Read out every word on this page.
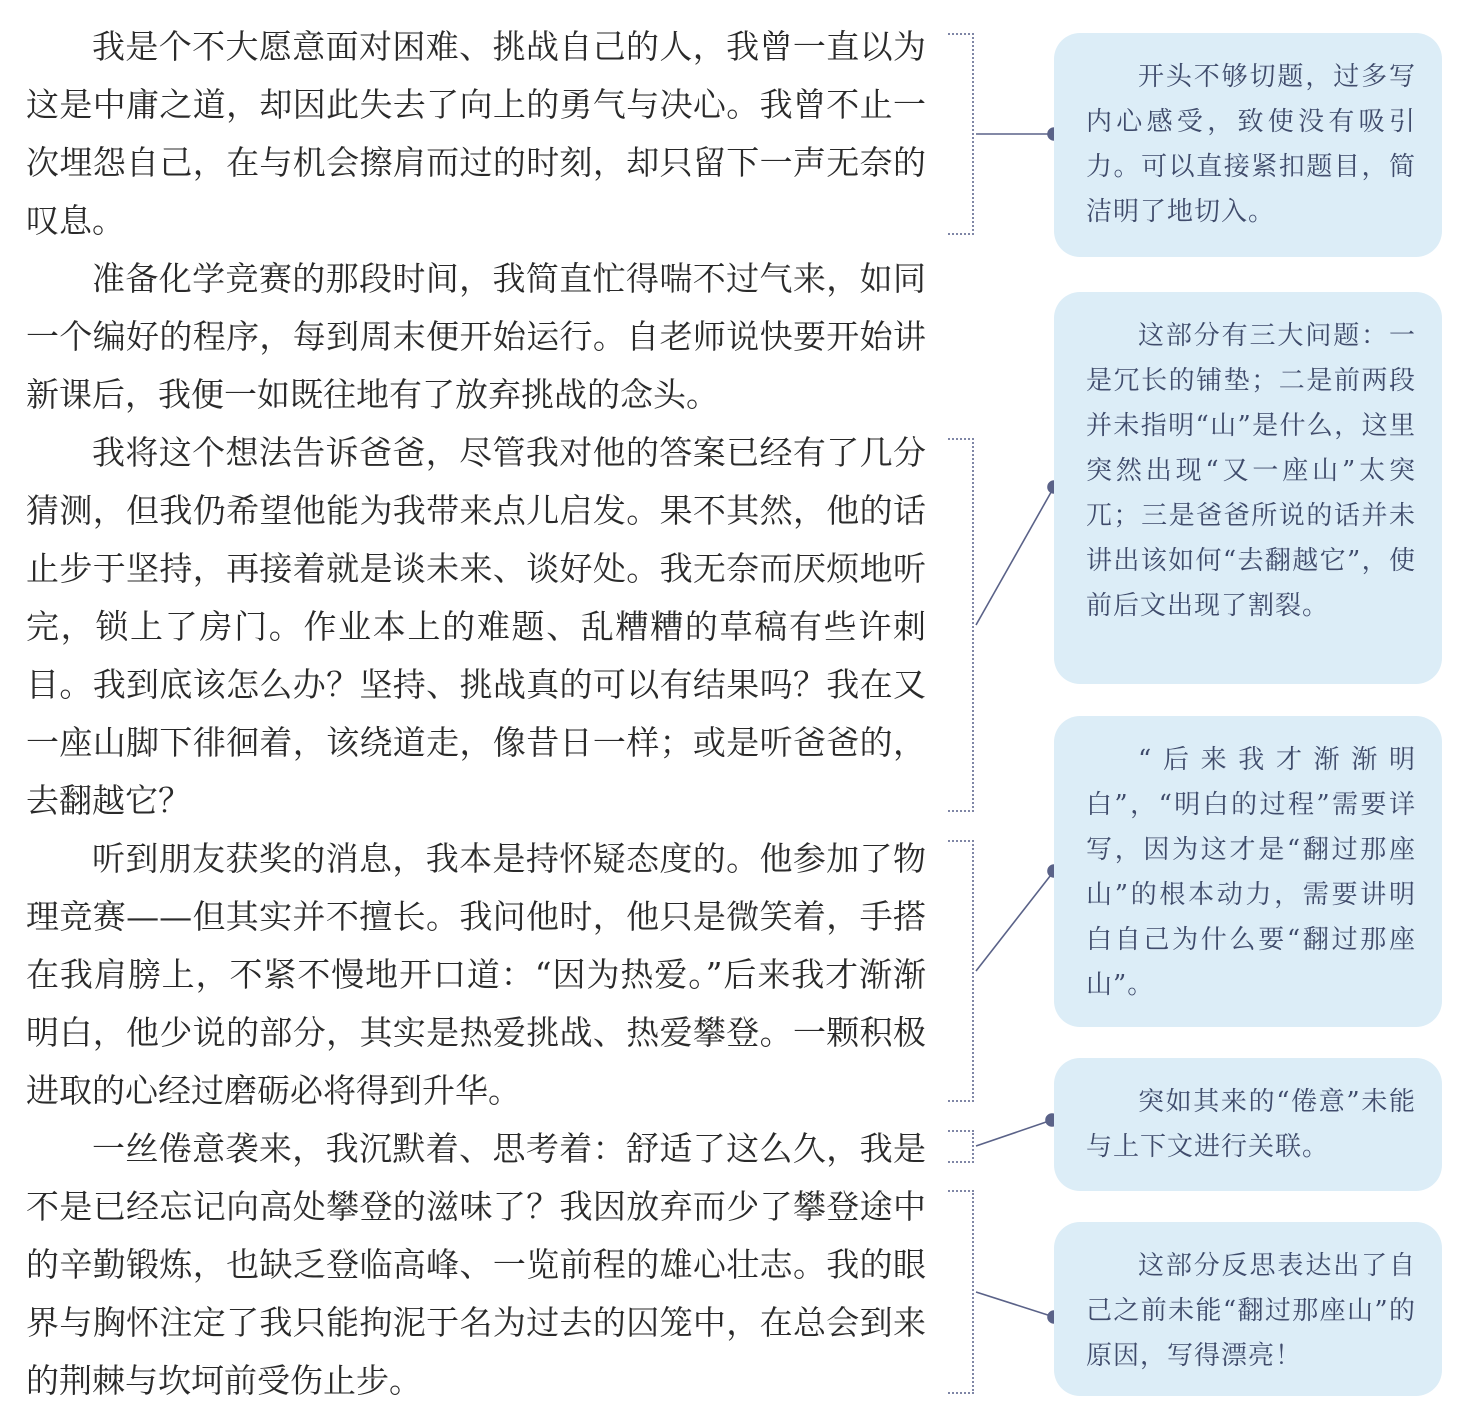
我是个不大愿意面对困难、挑战自己的人，我曾一直以为这是中庸之道，却因此失去了向上的勇气与决心。我曾不止一次埋怨自己，在与机会擦肩而过的时刻，却只留下一声无奈的叹息。

准备化学竞赛的那段时间，我简直忙得喘不过气来，如同一个编好的程序，每到周末便开始运行。自老师说快要开始讲新课后，我便一如既往地有了放弃挑战的念头。

我将这个想法告诉爸爸，尽管我对他的答案已经有了几分猜测，但我仍希望他能为我带来点儿启发。果不其然，他的话止步于坚持，再接着就是谈未来、谈好处。我无奈而厌烦地听完，锁上了房门。作业本上的难题、乱糟糟的草稿有些许刺目。我到底该怎么办？坚持、挑战真的可以有结果吗？我在又一座山脚下徘徊着，该绕道走，像昔日一样；或是听爸爸的，去翻越它？

听到朋友获奖的消息，我本是持怀疑态度的。他参加了物理竞赛——但其实并不擅长。我问他时，他只是微笑着，手搭在我肩膀上，不紧不慢地开口道：“因为热爱。”后来我才渐渐明白，他少说的部分，其实是热爱挑战、热爱攀登。一颗积极进取的心经过磨砺必将得到升华。

一丝倦意袭来，我沉默着、思考着：舒适了这么久，我是不是已经忘记向高处攀登的滋味了？我因放弃而少了攀登途中的辛勤锻炼，也缺乏登临高峰、一览前程的雄心壮志。我的眼界与胸怀注定了我只能拘泥于名为过去的囚笼中，在总会到来的荆棘与坎坷前受伤止步。

开头不够切题，过多写内心感受，致使没有吸引力。可以直接紧扣题目，简洁明了地切入。

这部分有三大问题：一是冗长的铺垫；二是前两段并未指明“山”是什么，这里突然出现“又一座山”太突兀；三是爸爸所说的话并未讲出该如何“去翻越它”，使前后文出现了割裂。

“后来我才渐渐明白”，“明白的过程”需要详写，因为这才是“翻过那座山”的根本动力，需要讲明白自己为什么要“翻过那座山”。

突如其来的“倦意”未能与上下文进行关联。

这部分反思表达出了自己之前未能“翻过那座山”的原因，写得漂亮！
